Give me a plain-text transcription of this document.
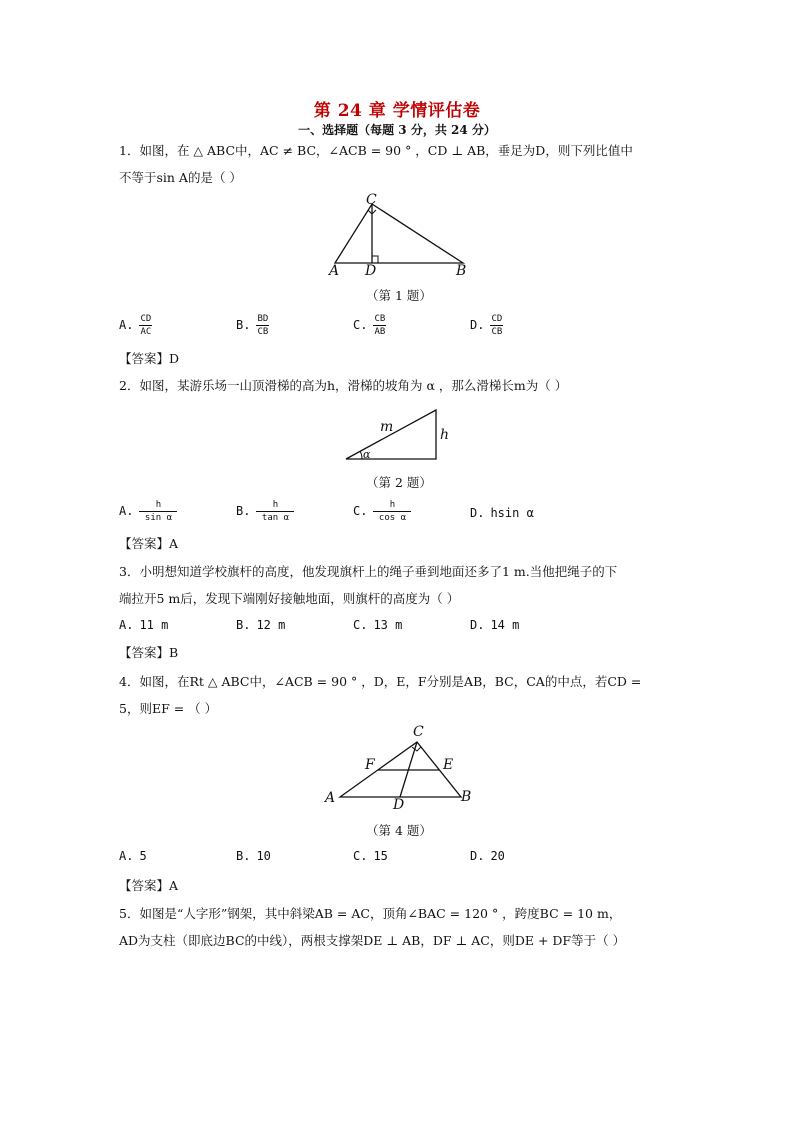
第 24 章 学情评估卷
一、选择题（每题 3 分，共 24 分）
1．如图，在 △ ABC中，AC ≠ BC，∠ACB = 90 ° ，CD ⊥ AB，垂足为D，则下列比值中
不等于sin A的是（ ）
C
A D	B
（第 1 题）
A. $\frac{CD}{AC}$	B. $\frac{BD}{CB}$	C. $\frac{CB}{AB}$	D. $\frac{CD}{CB}$
【答案】D
2．如图，某游乐场一山顶滑梯的高为h，滑梯的坡角为 α ，那么滑梯长m为（ ）
m	h
α
（第 2 题）
A. $\frac{h}{\text{sin α}}$	B. $\frac{h}{\text{tan α}}$	C. $\frac{h}{\text{cos α}}$	D. hsin α
【答案】A
3．小明想知道学校旗杆的高度，他发现旗杆上的绳子垂到地面还多了1 m.当他把绳子的下
端拉开5 m后，发现下端刚好接触地面，则旗杆的高度为（ ）
A. 11 m	B. 12 m	C. 13 m	D. 14 m
【答案】B
4．如图，在Rt △ ABC中，∠ACB = 90 ° ，D，E，F分别是AB，BC，CA的中点，若CD =
5，则EF = （ ）
C
F	E
A	B
D
（第 4 题）
A. 5	B. 10	C. 15	D. 20
【答案】A
5．如图是“人字形”钢架，其中斜梁AB = AC，顶角∠BAC = 120 ° ，跨度BC = 10 m，
AD为支柱（即底边BC的中线），两根支撑架DE ⊥ AB，DF ⊥ AC，则DE + DF等于（ ）
